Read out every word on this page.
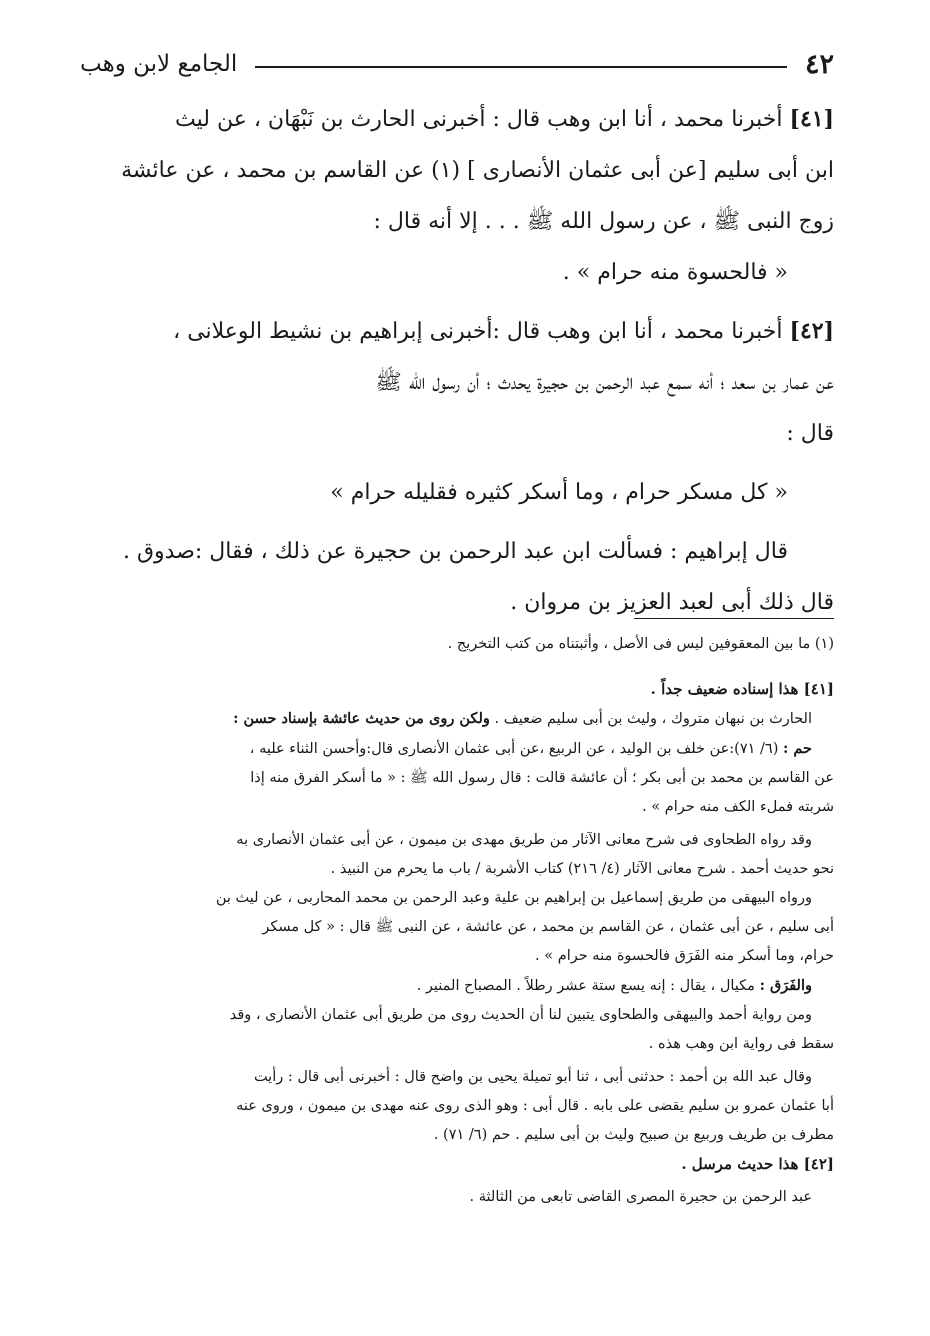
٤٢
الجامع لابن وهب

[٤١] أخبرنا محمد ، أنا ابن وهب قال : أخبرنى الحارث بن نَبْهَان ، عن ليث

ابن أبى سليم [عن أبى عثمان الأنصارى ] (١) عن القاسم بن محمد ، عن عائشة

زوج النبى ﷺ ، عن رسول الله ﷺ . . . إلا أنه قال :

« فالحسوة منه حرام » .

[٤٢] أخبرنا محمد ، أنا ابن وهب قال :أخبرنى إبراهيم بن نشيط الوعلانى ،

عن عمار بن سعد ؛ أنه سمع عبد الرحمن بن حجيرة يحدث ؛ أن رسول الله ﷺ

قال :

« كل مسكر حرام ، وما أسكر كثيره فقليله حرام »

قال إبراهيم : فسألت ابن عبد الرحمن بن حجيرة عن ذلك ، فقال :صدوق .

قال ذلك أبى لعبد العزيز بن مروان .

(١) ما بين المعقوفين ليس فى الأصل ، وأثبتناه من كتب التخريج .

[٤١] هذا إسناده ضعيف جداً .

الحارث بن نبهان متروك ، وليث بن أبى سليم ضعيف . ولكن روى من حديث عائشة بإسناد حسن :

حم : (٦/ ٧١):عن خلف بن الوليد ، عن الربيع ،عن أبى عثمان الأنصارى قال:وأحسن الثناء عليه ،

عن القاسم بن محمد بن أبى بكر ؛ أن عائشة قالت : قال رسول الله ﷺ : « ما أسكر الفرق منه إذا

شربته فملء الكف منه حرام » .

وقد رواه الطحاوى فى شرح معانى الآثار من طريق مهدى بن ميمون ، عن أبى عثمان الأنصارى به

نحو حديث أحمد . شرح معانى الآثار (٤/ ٢١٦) كتاب الأشربة / باب ما يحرم من النبيذ .

ورواه البيهقى من طريق إسماعيل بن إبراهيم بن علية وعبد الرحمن بن محمد المحاربى ، عن ليث بن

أبى سليم ، عن أبى عثمان ، عن القاسم بن محمد ، عن عائشة ، عن النبى ﷺ قال : « كل مسكر

حرام، وما أسكر منه الفَرَق فالحسوة منه حرام » .

والفَرَق : مكيال ، يقال : إنه يسع ستة عشر رطلاً . المصباح المنير .

ومن رواية أحمد والبيهقى والطحاوى يتبين لنا أن الحديث روى من طريق أبى عثمان الأنصارى ، وقد

سقط فى رواية ابن وهب هذه .

وقال عبد الله بن أحمد : حدثنى أبى ، ثنا أبو تميلة يحيى بن واضح قال : أخبرنى أبى قال : رأيت

أبا عثمان عمرو بن سليم يقضى على بابه . قال أبى : وهو الذى روى عنه مهدى بن ميمون ، وروى عنه

مطرف بن طريف وربيع بن صبيح وليث بن أبى سليم . حم (٦/ ٧١) .

[٤٢] هذا حديث مرسل .

عبد الرحمن بن حجيرة المصرى القاضى تابعى من الثالثة .
